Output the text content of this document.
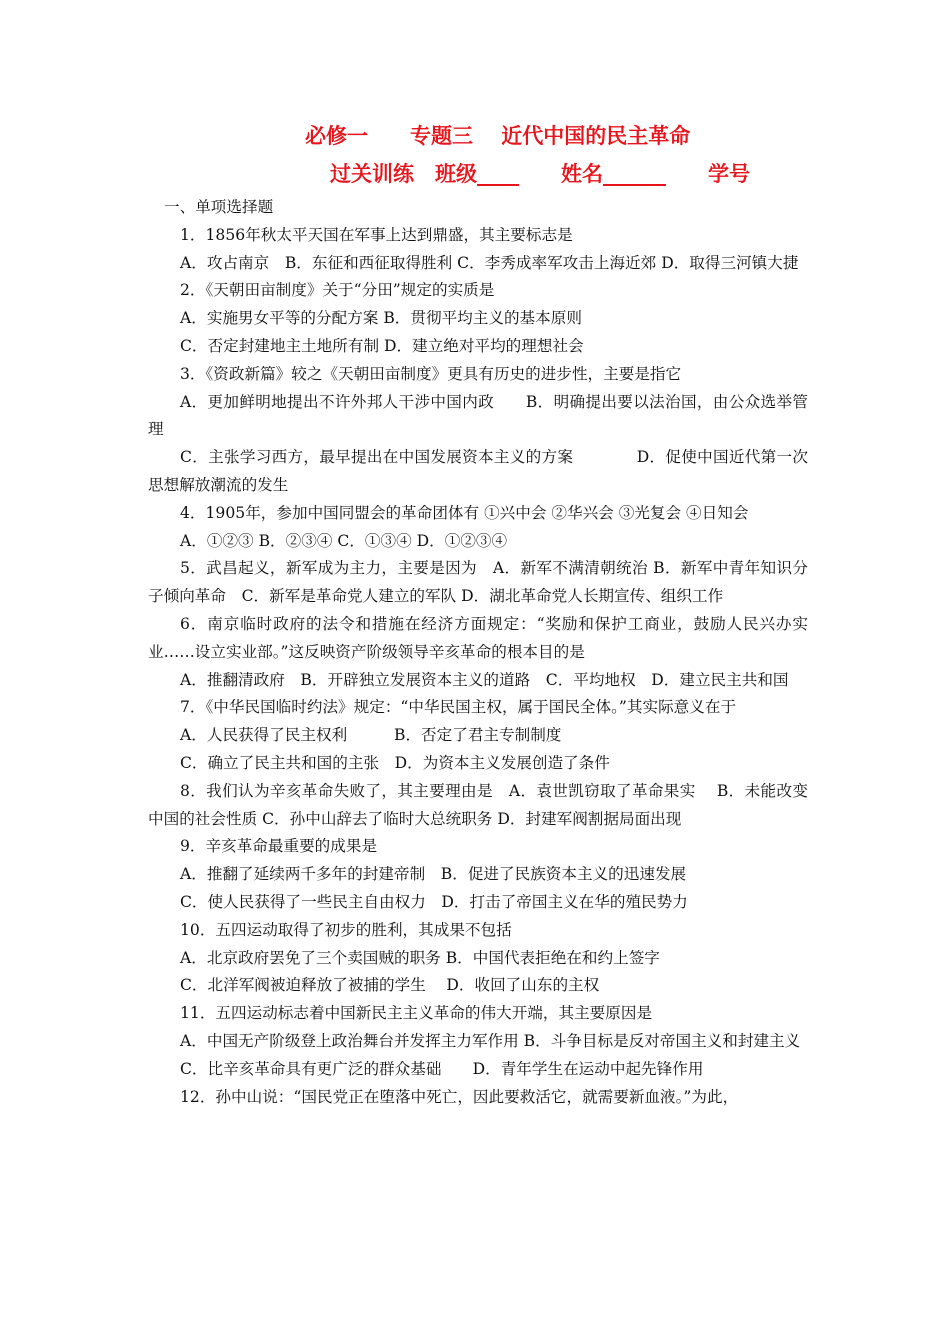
必修一　　专题三　 近代中国的民主革命
过关训练　班级____　　姓名______　　学号
一、单项选择题
1．1856年秋太平天国在军事上达到鼎盛，其主要标志是
A．攻占南京　B．东征和西征取得胜利 C．李秀成率军攻击上海近郊 D．取得三河镇大捷
2．《天朝田亩制度》关于“分田”规定的实质是
A．实施男女平等的分配方案 B．贯彻平均主义的基本原则
C．否定封建地主土地所有制 D．建立绝对平均的理想社会
3．《资政新篇》较之《天朝田亩制度》更具有历史的进步性，主要是指它
A．更加鲜明地提出不许外邦人干涉中国内政　　B．明确提出要以法治国，由公众选举管理
C．主张学习西方，最早提出在中国发展资本主义的方案　　　　D．促使中国近代第一次思想解放潮流的发生
4．1905年，参加中国同盟会的革命团体有 ①兴中会 ②华兴会 ③光复会 ④日知会
A．①②③ B．②③④ C．①③④ D．①②③④
5．武昌起义，新军成为主力，主要是因为　A．新军不满清朝统治 B．新军中青年知识分子倾向革命　C．新军是革命党人建立的军队 D．湖北革命党人长期宣传、组织工作
6．南京临时政府的法令和措施在经济方面规定：“奖励和保护工商业，鼓励人民兴办实业……设立实业部。”这反映资产阶级领导辛亥革命的根本目的是
A．推翻清政府　B．开辟独立发展资本主义的道路　C．平均地权　D．建立民主共和国
7．《中华民国临时约法》规定：“中华民国主权，属于国民全体。”其实际意义在于
A．人民获得了民主权利　　　B．否定了君主专制制度
C．确立了民主共和国的主张　D．为资本主义发展创造了条件
8．我们认为辛亥革命失败了，其主要理由是　A．袁世凯窃取了革命果实　 B．未能改变中国的社会性质 C．孙中山辞去了临时大总统职务 D．封建军阀割据局面出现
9．辛亥革命最重要的成果是
A．推翻了延续两千多年的封建帝制　B．促进了民族资本主义的迅速发展
C．使人民获得了一些民主自由权力　D．打击了帝国主义在华的殖民势力
10．五四运动取得了初步的胜利，其成果不包括
A．北京政府罢免了三个卖国贼的职务 B．中国代表拒绝在和约上签字
C．北洋军阀被迫释放了被捕的学生　 D．收回了山东的主权
11．五四运动标志着中国新民主主义革命的伟大开端，其主要原因是
A．中国无产阶级登上政治舞台并发挥主力军作用 B．斗争目标是反对帝国主义和封建主义
C．比辛亥革命具有更广泛的群众基础　　D．青年学生在运动中起先锋作用
12．孙中山说：“国民党正在堕落中死亡，因此要救活它，就需要新血液。”为此，
